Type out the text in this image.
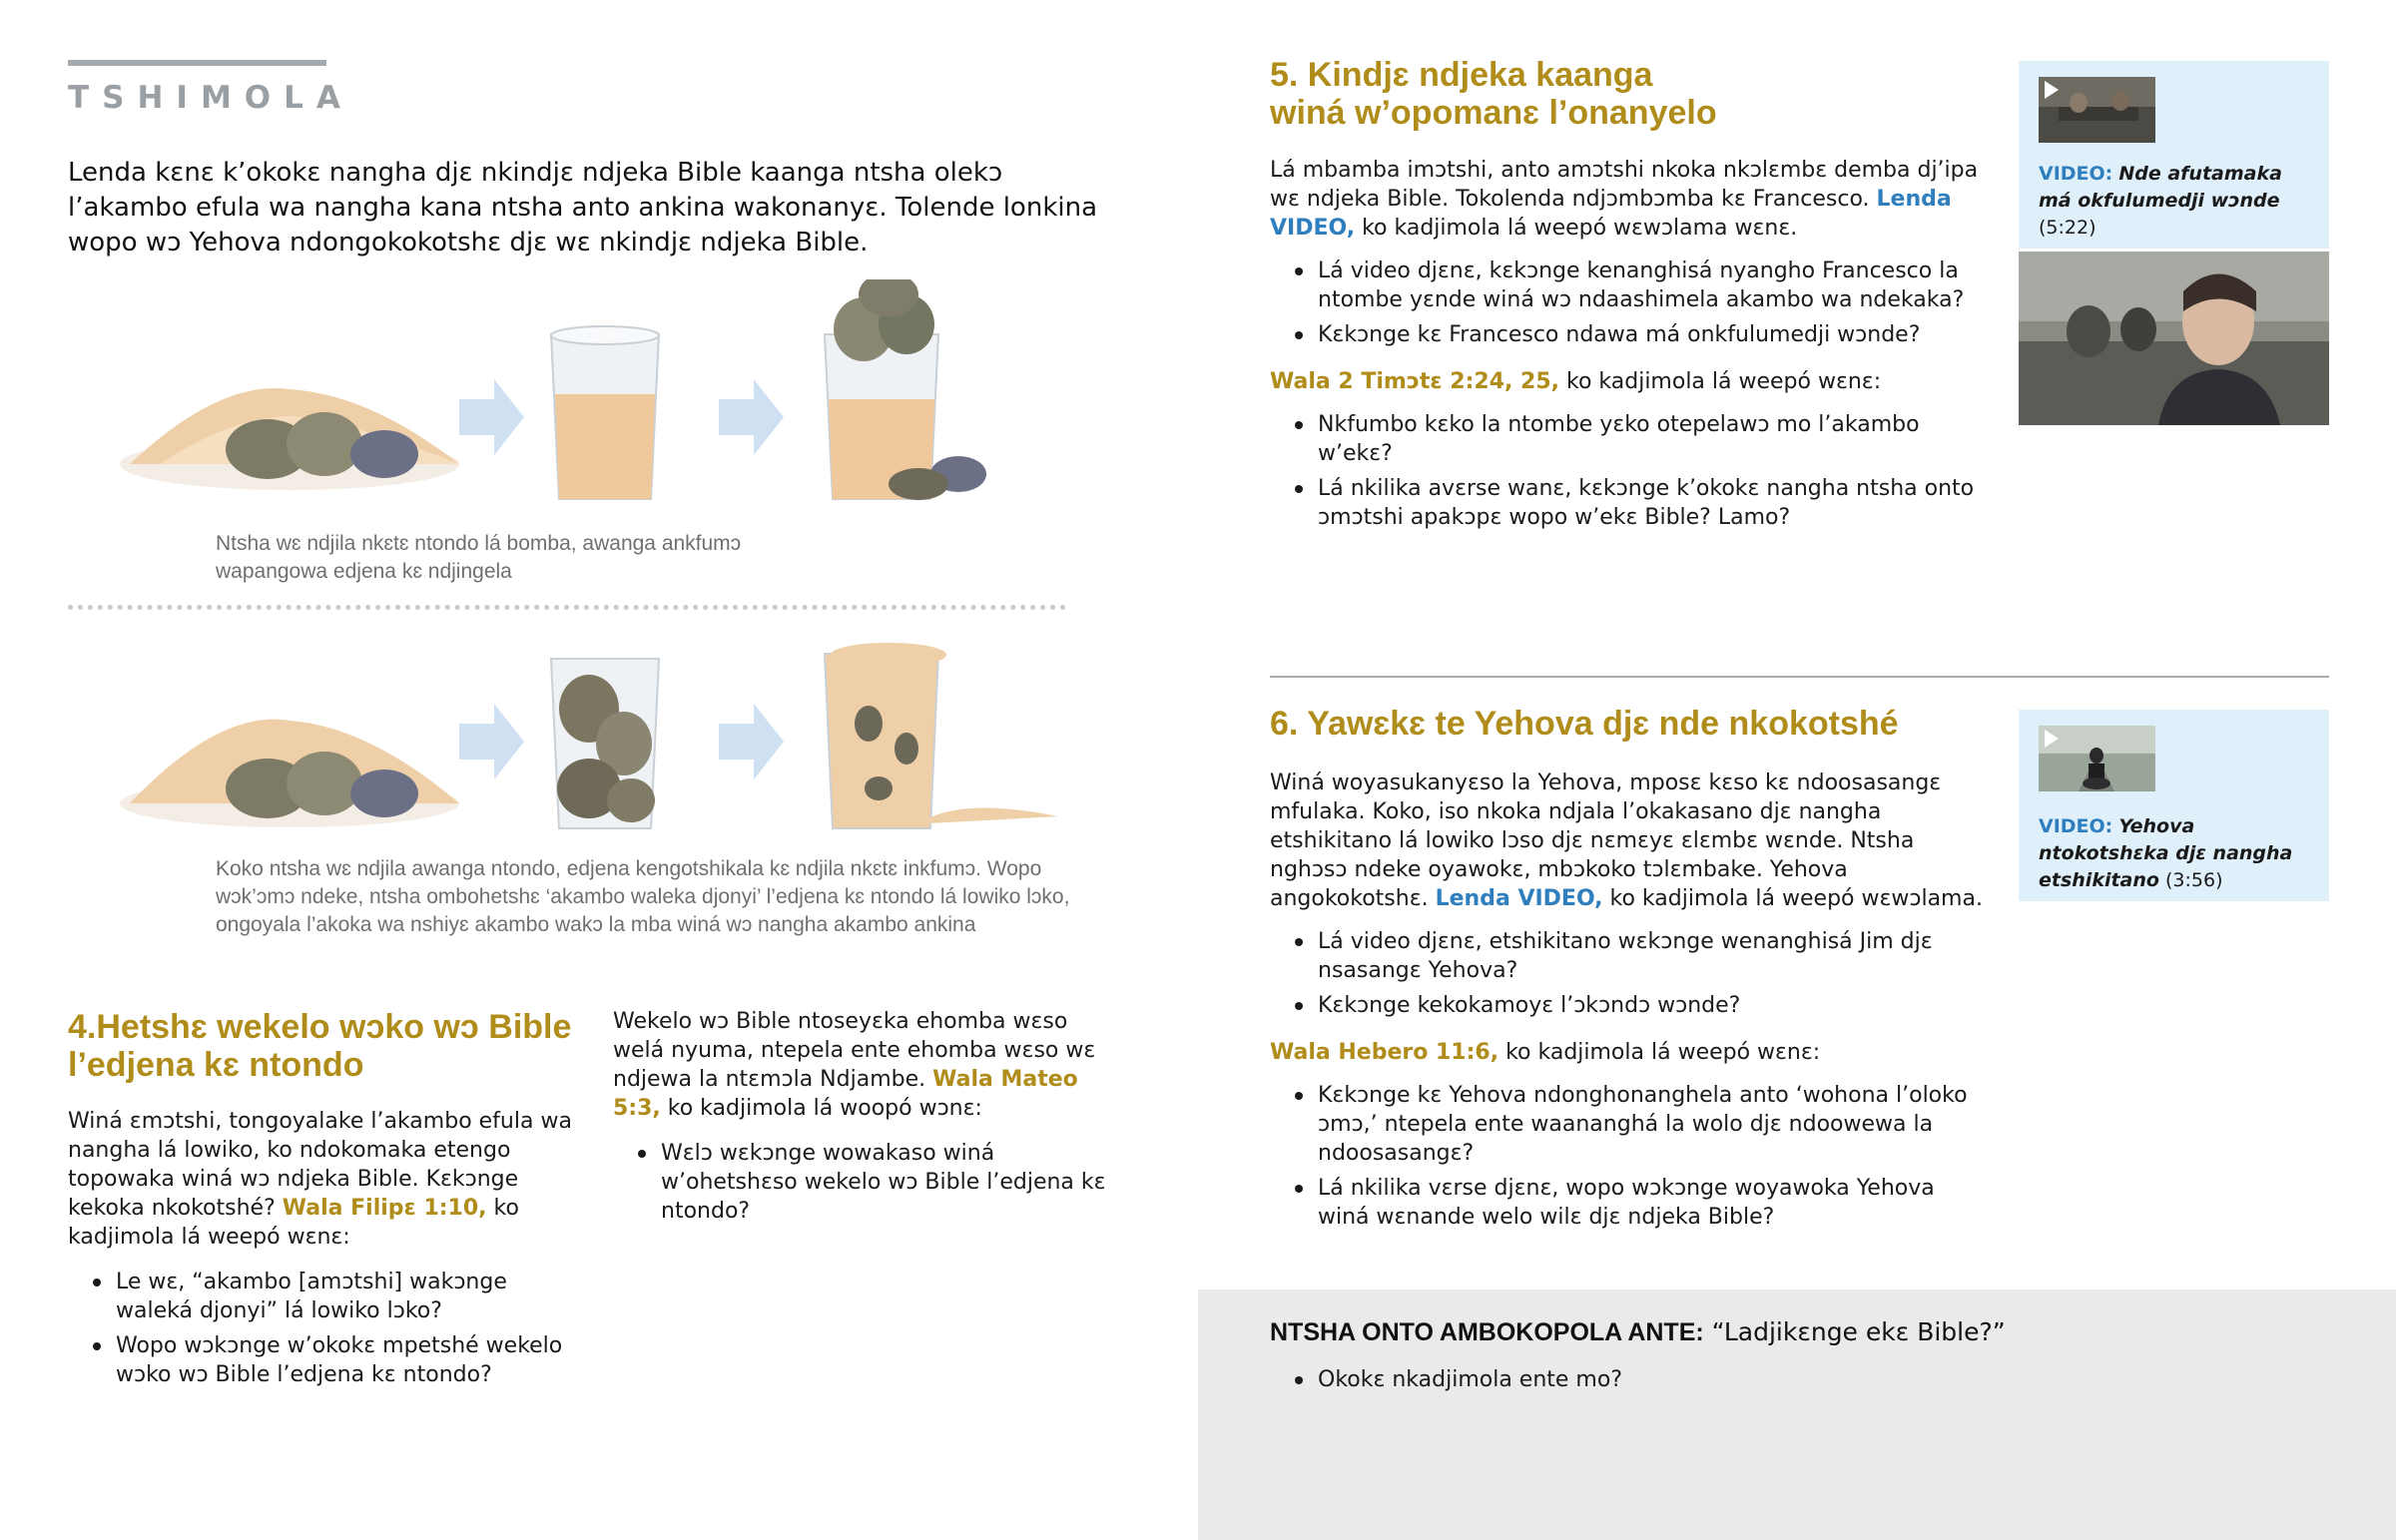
TSHIMOLA
Lenda kɛnɛ k’okokɛ nangha djɛ nkindjɛ ndjeka Bible kaanga ntsha olekɔ l’akambo efula wa nangha kana ntsha anto ankina wakonanyɛ. Tolende lonkina wopo wɔ Yehova ndongokokotshɛ djɛ wɛ nkindjɛ ndjeka Bible.
Ntsha wɛ ndjila nkɛtɛ ntondo lá bomba, awanga ankfumɔ wapangowa edjena kɛ ndjingela
Koko ntsha wɛ ndjila awanga ntondo, edjena kengotshikala kɛ ndjila nkɛtɛ inkfumɔ. Wopo wɔk’ɔmɔ ndeke, ntsha ombohetshɛ ‘akambo waleka djonyi’ l’edjena kɛ ntondo lá lowiko lɔko, ongoyala l’akoka wa nshiyɛ akambo wakɔ la mba winá wɔ nangha akambo ankina
4.Hetshɛ wekelo wɔko wɔ Bible l’edjena kɛ ntondo

Winá ɛmɔtshi, tongoyalake l’akambo efula wa nangha lá lowiko, ko ndokomaka etengo topowaka winá wɔ ndjeka Bible. Kɛkɔnge kekoka nkokotshé? Wala Filipɛ 1:10, ko kadjimola lá weepó wɛnɛ:

Le wɛ, “akambo [amɔtshi] wakɔnge waleká djonyi” lá lowiko lɔko?
Wopo wɔkɔnge w’okokɛ mpetshé wekelo wɔko wɔ Bible l’edjena kɛ ntondo?

Wekelo wɔ Bible ntoseyɛka ehomba wɛso welá nyuma, ntepela ente ehomba wɛso wɛ ndjewa la ntɛmɔla Ndjambe. Wala Mateo 5:3, ko kadjimola lá woopó wɔnɛ:

Wɛlɔ wɛkɔnge wowakaso winá w’ohetshɛso wekelo wɔ Bible l’edjena kɛ ntondo?
5. Kindjɛ ndjeka kaanga
winá w’opomanɛ l’onanyelo

Lá mbamba imɔtshi, anto amɔtshi nkoka nkɔlɛmbɛ demba dj’ipa wɛ ndjeka Bible. Tokolenda ndjɔmbɔmba kɛ Francesco. Lenda VIDEO, ko kadjimola lá weepó wɛwɔlama wɛnɛ.

Lá video djɛnɛ, kɛkɔnge kenanghisá nyangho Francesco la ntombe yɛnde winá wɔ ndaashimela akambo wa ndekaka?
Kɛkɔnge kɛ Francesco ndawa má onkfulumedji wɔnde?

Wala 2 Timɔtɛ 2:24, 25, ko kadjimola lá weepó wɛnɛ:

Nkfumbo kɛko la ntombe yɛko otepelawɔ mo l’akambo w’ekɛ?
Lá nkilika avɛrse wanɛ, kɛkɔnge k’okokɛ nangha ntsha onto ɔmɔtshi apakɔpɛ wopo w’ekɛ Bible? Lamo?
VIDEO: Nde afutamaka má okfulumedji wɔnde (5:22)
6. Yawɛkɛ te Yehova djɛ nde nkokotshé

Winá woyasukanyɛso la Yehova, mposɛ kɛso kɛ ndoosasangɛ mfulaka. Koko, iso nkoka ndjala l’okakasano djɛ nangha etshikitano lá lowiko lɔso djɛ nɛmɛyɛ ɛlɛmbɛ wɛnde. Ntsha nghɔsɔ ndeke oyawokɛ, mbɔkoko tɔlɛmbake. Yehova angokokotshɛ. Lenda VIDEO, ko kadjimola lá weepó wɛwɔlama.

Lá video djɛnɛ, etshikitano wɛkɔnge wenanghisá Jim djɛ nsasangɛ Yehova?
Kɛkɔnge kekokamoyɛ l’ɔkɔndɔ wɔnde?

Wala Hebero 11:6, ko kadjimola lá weepó wɛnɛ:

Kɛkɔnge kɛ Yehova ndonghonanghela anto ‘wohona l’oloko ɔmɔ,’ ntepela ente waananghá la wolo djɛ ndoowewa la ndoosasangɛ?
Lá nkilika vɛrse djɛnɛ, wopo wɔkɔnge woyawoka Yehova winá wɛnande welo wilɛ djɛ ndjeka Bible?
VIDEO: Yehova ntokotshɛka djɛ nangha etshikitano (3:56)
NTSHA ONTO AMBOKOPOLA ANTE: “Ladjikɛnge ekɛ Bible?”
Okokɛ nkadjimola ente mo?
